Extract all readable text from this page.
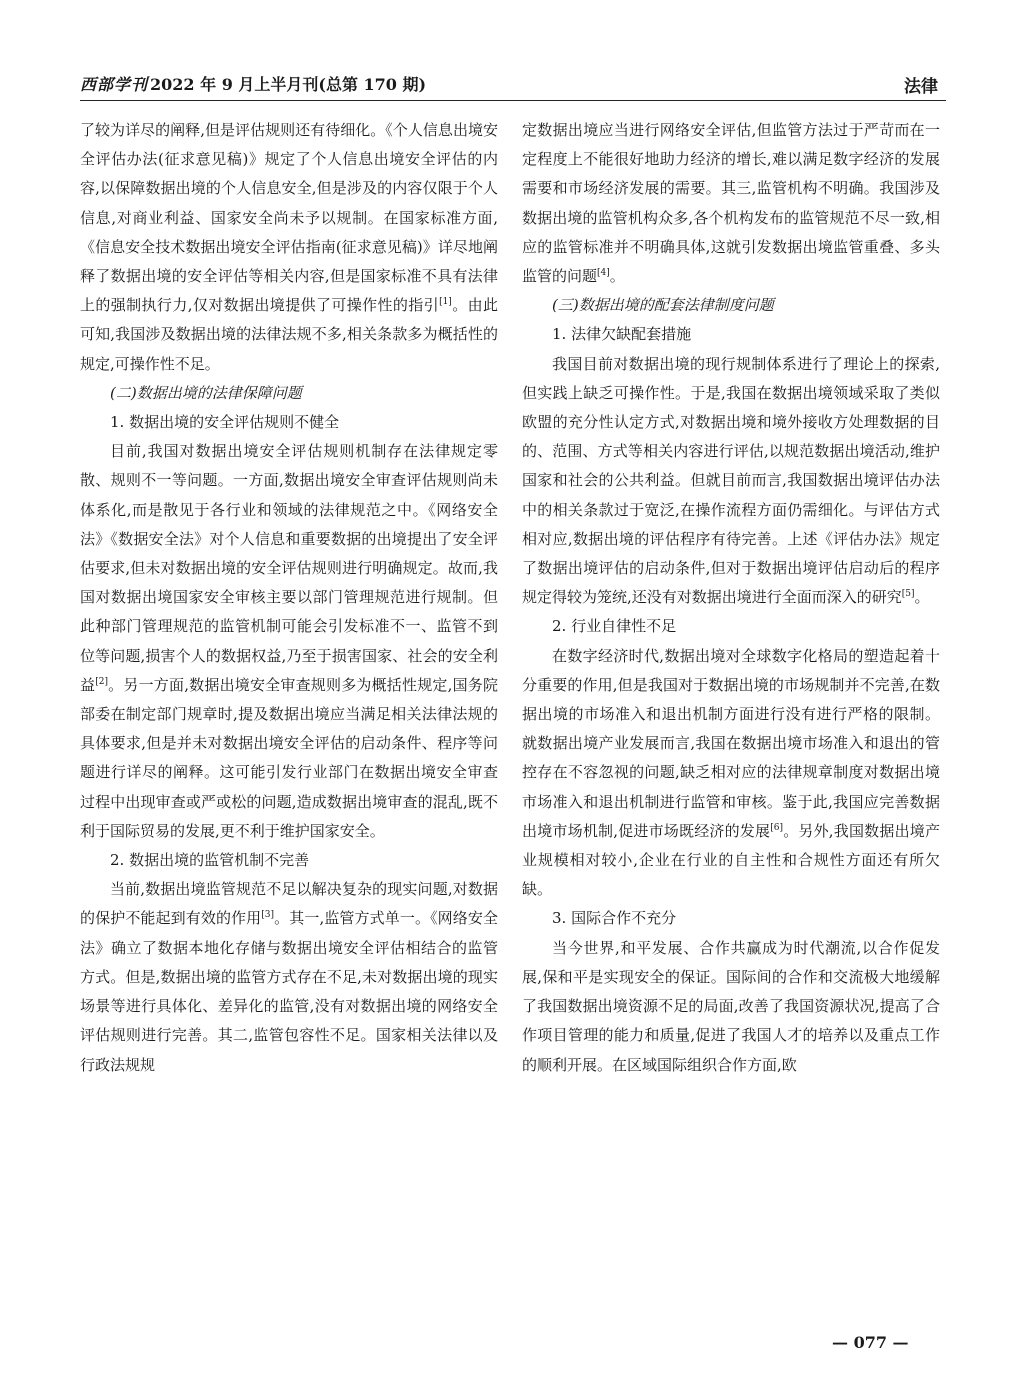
西部学刊 2022 年 9 月上半月刊(总第 170 期)	法律

了较为详尽的阐释,但是评估规则还有待细化。《个人信息出境安全评估办法(征求意见稿)》规定了个人信息出境安全评估的内容,以保障数据出境的个人信息安全,但是涉及的内容仅限于个人信息,对商业利益、国家安全尚未予以规制。在国家标准方面,《信息安全技术数据出境安全评估指南(征求意见稿)》详尽地阐释了数据出境的安全评估等相关内容,但是国家标准不具有法律上的强制执行力,仅对数据出境提供了可操作性的指引[1]。由此可知,我国涉及数据出境的法律法规不多,相关条款多为概括性的规定,可操作性不足。

(二)数据出境的法律保障问题

1. 数据出境的安全评估规则不健全

目前,我国对数据出境安全评估规则机制存在法律规定零散、规则不一等问题。一方面,数据出境安全审查评估规则尚未体系化,而是散见于各行业和领域的法律规范之中。《网络安全法》《数据安全法》对个人信息和重要数据的出境提出了安全评估要求,但未对数据出境的安全评估规则进行明确规定。故而,我国对数据出境国家安全审核主要以部门管理规范进行规制。但此种部门管理规范的监管机制可能会引发标准不一、监管不到位等问题,损害个人的数据权益,乃至于损害国家、社会的安全利益[2]。另一方面,数据出境安全审查规则多为概括性规定,国务院部委在制定部门规章时,提及数据出境应当满足相关法律法规的具体要求,但是并未对数据出境安全评估的启动条件、程序等问题进行详尽的阐释。这可能引发行业部门在数据出境安全审查过程中出现审查或严或松的问题,造成数据出境审查的混乱,既不利于国际贸易的发展,更不利于维护国家安全。

2. 数据出境的监管机制不完善

当前,数据出境监管规范不足以解决复杂的现实问题,对数据的保护不能起到有效的作用[3]。其一,监管方式单一。《网络安全法》确立了数据本地化存储与数据出境安全评估相结合的监管方式。但是,数据出境的监管方式存在不足,未对数据出境的现实场景等进行具体化、差异化的监管,没有对数据出境的网络安全评估规则进行完善。其二,监管包容性不足。国家相关法律以及行政法规规

定数据出境应当进行网络安全评估,但监管方法过于严苛而在一定程度上不能很好地助力经济的增长,难以满足数字经济的发展需要和市场经济发展的需要。其三,监管机构不明确。我国涉及数据出境的监管机构众多,各个机构发布的监管规范不尽一致,相应的监管标准并不明确具体,这就引发数据出境监管重叠、多头监管的问题[4]。

(三)数据出境的配套法律制度问题

1. 法律欠缺配套措施

我国目前对数据出境的现行规制体系进行了理论上的探索,但实践上缺乏可操作性。于是,我国在数据出境领域采取了类似欧盟的充分性认定方式,对数据出境和境外接收方处理数据的目的、范围、方式等相关内容进行评估,以规范数据出境活动,维护国家和社会的公共利益。但就目前而言,我国数据出境评估办法中的相关条款过于宽泛,在操作流程方面仍需细化。与评估方式相对应,数据出境的评估程序有待完善。上述《评估办法》规定了数据出境评估的启动条件,但对于数据出境评估启动后的程序规定得较为笼统,还没有对数据出境进行全面而深入的研究[5]。

2. 行业自律性不足

在数字经济时代,数据出境对全球数字化格局的塑造起着十分重要的作用,但是我国对于数据出境的市场规制并不完善,在数据出境的市场准入和退出机制方面进行没有进行严格的限制。就数据出境产业发展而言,我国在数据出境市场准入和退出的管控存在不容忽视的问题,缺乏相对应的法律规章制度对数据出境市场准入和退出机制进行监管和审核。鉴于此,我国应完善数据出境市场机制,促进市场既经济的发展[6]。另外,我国数据出境产业规模相对较小,企业在行业的自主性和合规性方面还有所欠缺。

3. 国际合作不充分

当今世界,和平发展、合作共赢成为时代潮流,以合作促发展,保和平是实现安全的保证。国际间的合作和交流极大地缓解了我国数据出境资源不足的局面,改善了我国资源状况,提高了合作项目管理的能力和质量,促进了我国人才的培养以及重点工作的顺利开展。在区域国际组织合作方面,欧

— 077 —
